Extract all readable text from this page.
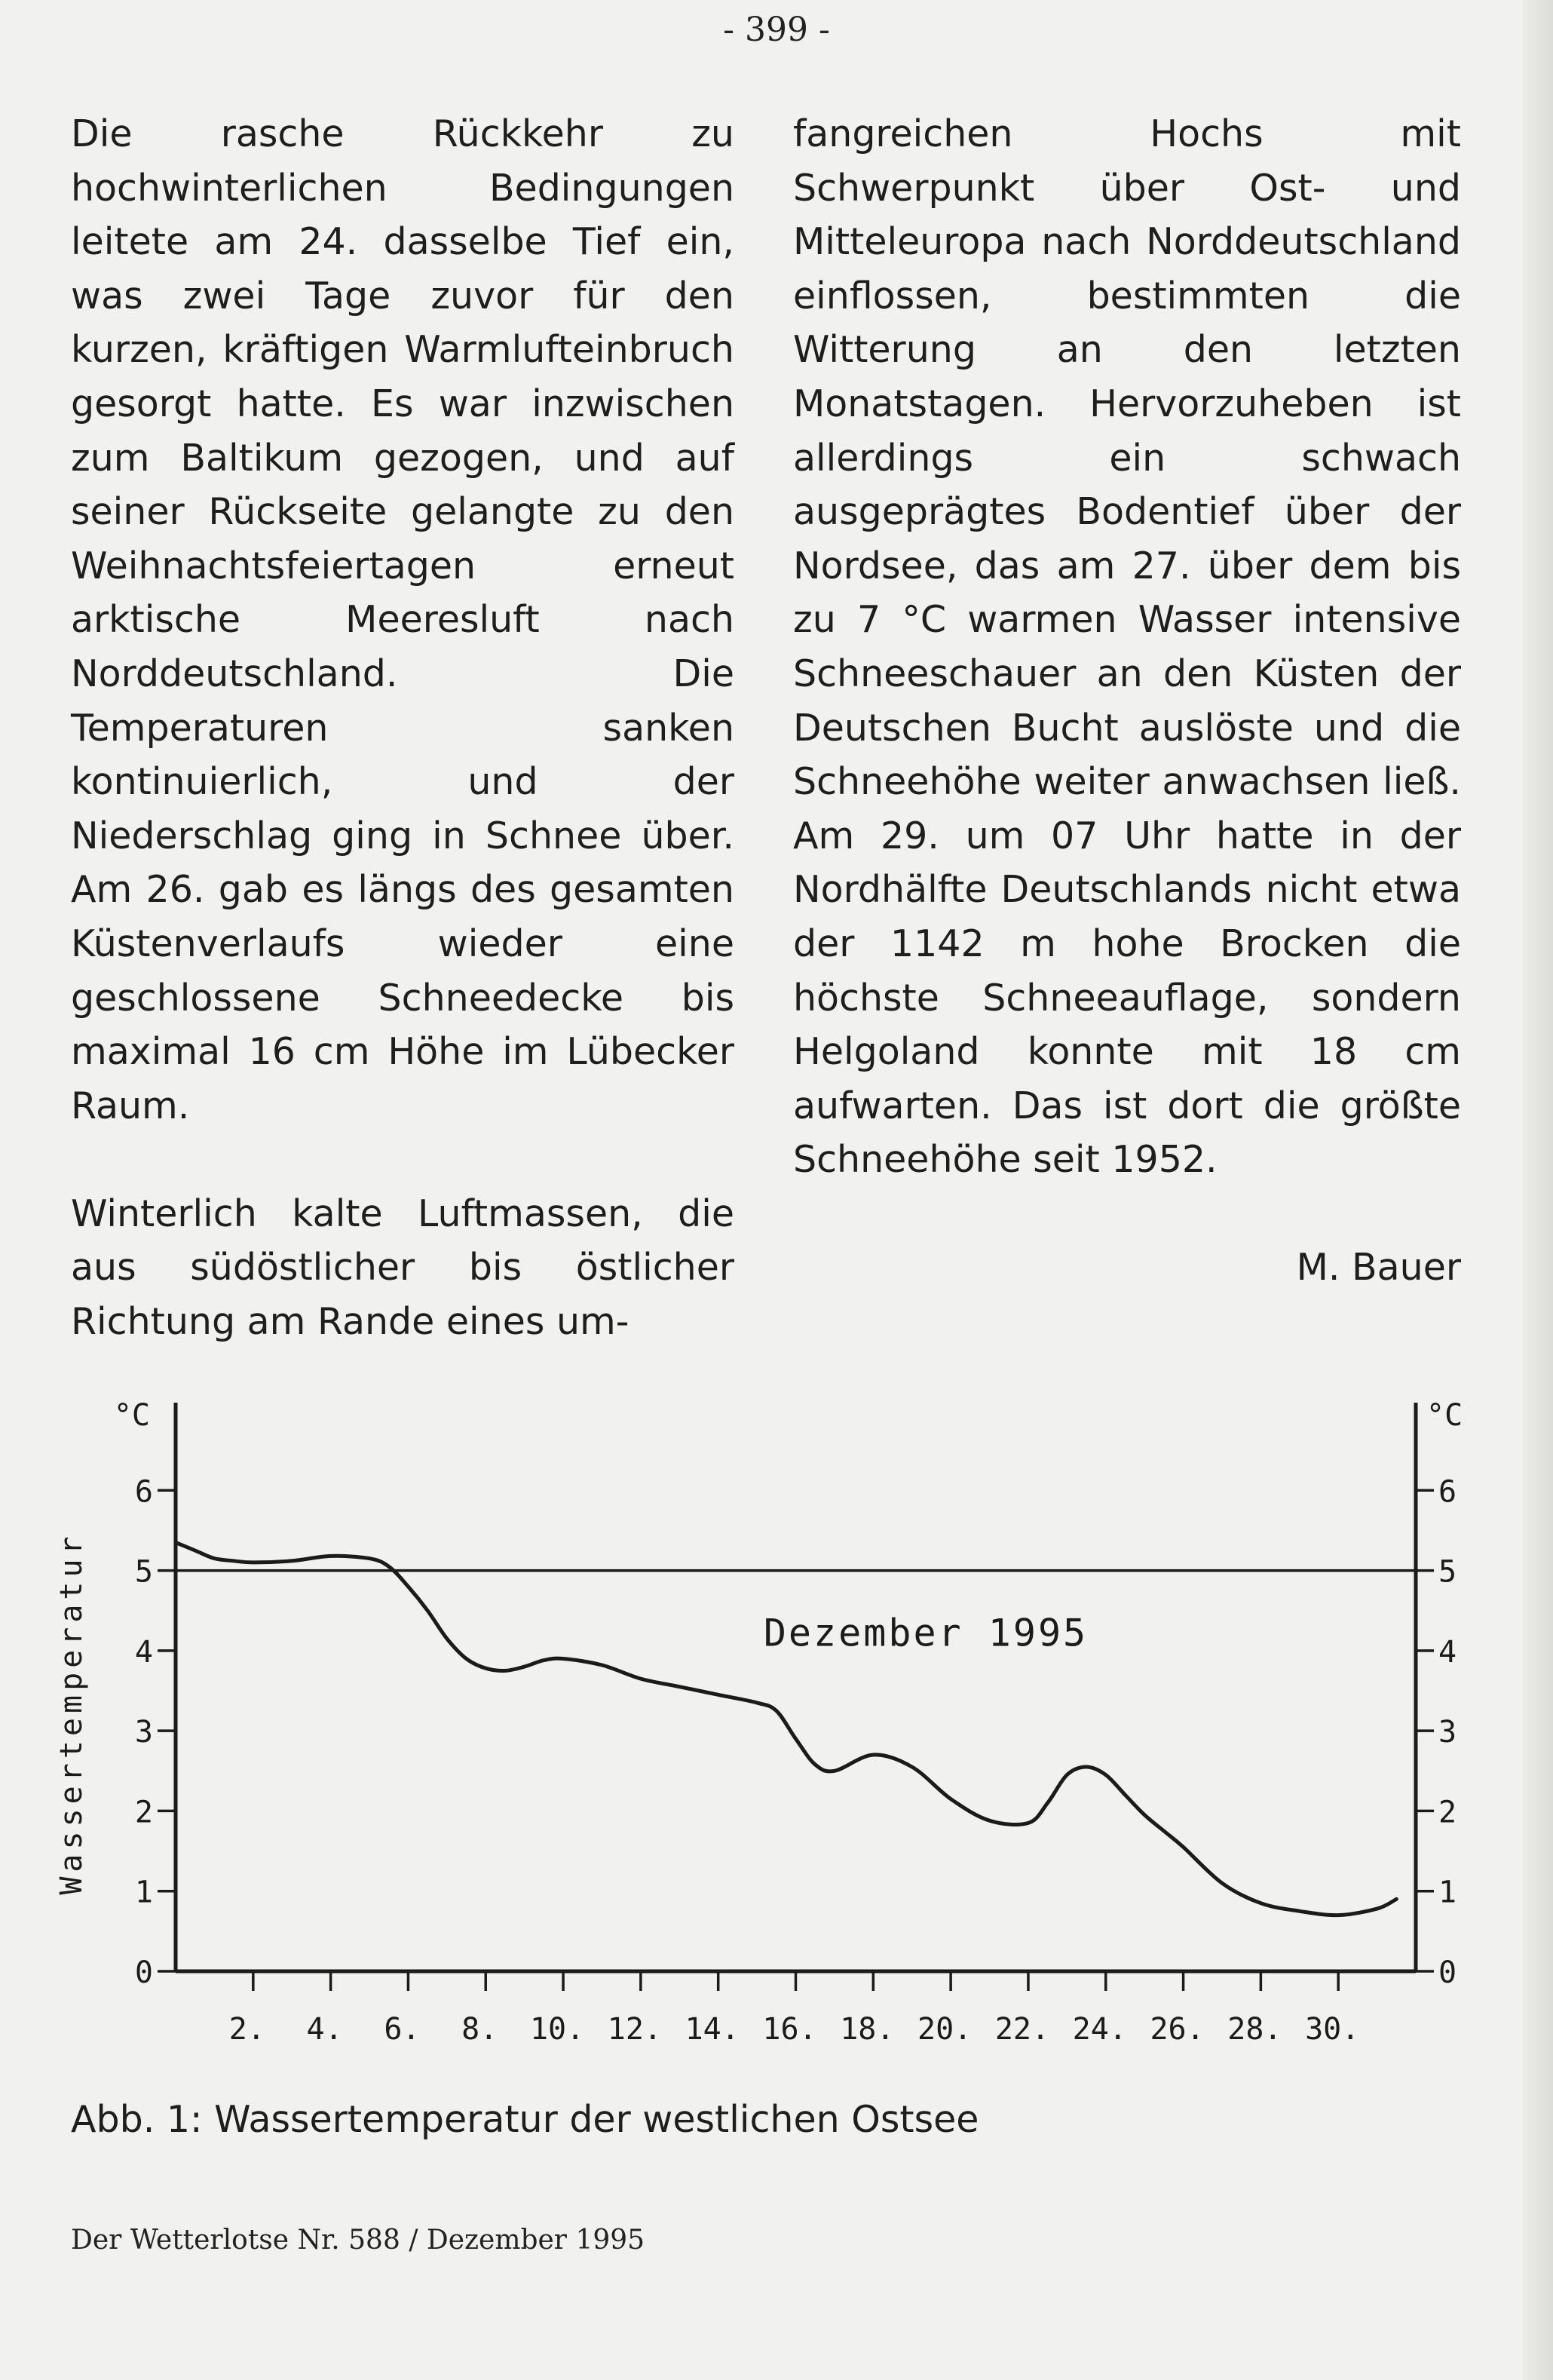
- 399 -

Die rasche Rückkehr zu hochwinterlichen Bedingungen leitete am 24. dasselbe Tief ein, was zwei Tage zuvor für den kurzen, kräftigen Warmlufteinbruch gesorgt hatte. Es war inzwischen zum Baltikum gezogen, und auf seiner Rückseite gelangte zu den Weihnachtsfeiertagen erneut arktische Meeresluft nach Norddeutschland. Die Temperaturen sanken kontinuierlich, und der Niederschlag ging in Schnee über. Am 26. gab es längs des gesamten Küstenverlaufs wieder eine geschlossene Schneedecke bis maximal 16 cm Höhe im Lübecker Raum.

Winterlich kalte Luftmassen, die aus südöstlicher bis östlicher Richtung am Rande eines um-

fangreichen Hochs mit Schwerpunkt über Ost- und Mitteleuropa nach Norddeutschland einflossen, bestimmten die Witterung an den letzten Monatstagen. Hervorzuheben ist allerdings ein schwach ausgeprägtes Bodentief über der Nordsee, das am 27. über dem bis zu 7 °C warmen Wasser intensive Schneeschauer an den Küsten der Deutschen Bucht auslöste und die Schneehöhe weiter anwachsen ließ. Am 29. um 07 Uhr hatte in der Nordhälfte Deutschlands nicht etwa der 1142 m hohe Brocken die höchste Schneeauflage, sondern Helgoland konnte mit 18 cm aufwarten. Das ist dort die größte Schneehöhe seit 1952.

M. Bauer

0	0
1	1
2	2
3	3
4	4
5	5
6	6
°C	°C
Wassertemperatur
2. 4. 6. 8. 10. 12. 14. 16. 18. 20. 22. 24. 26. 28. 30.
Dezember 1995
Abb. 1: Wassertemperatur der westlichen Ostsee
Der Wetterlotse Nr. 588 / Dezember 1995
